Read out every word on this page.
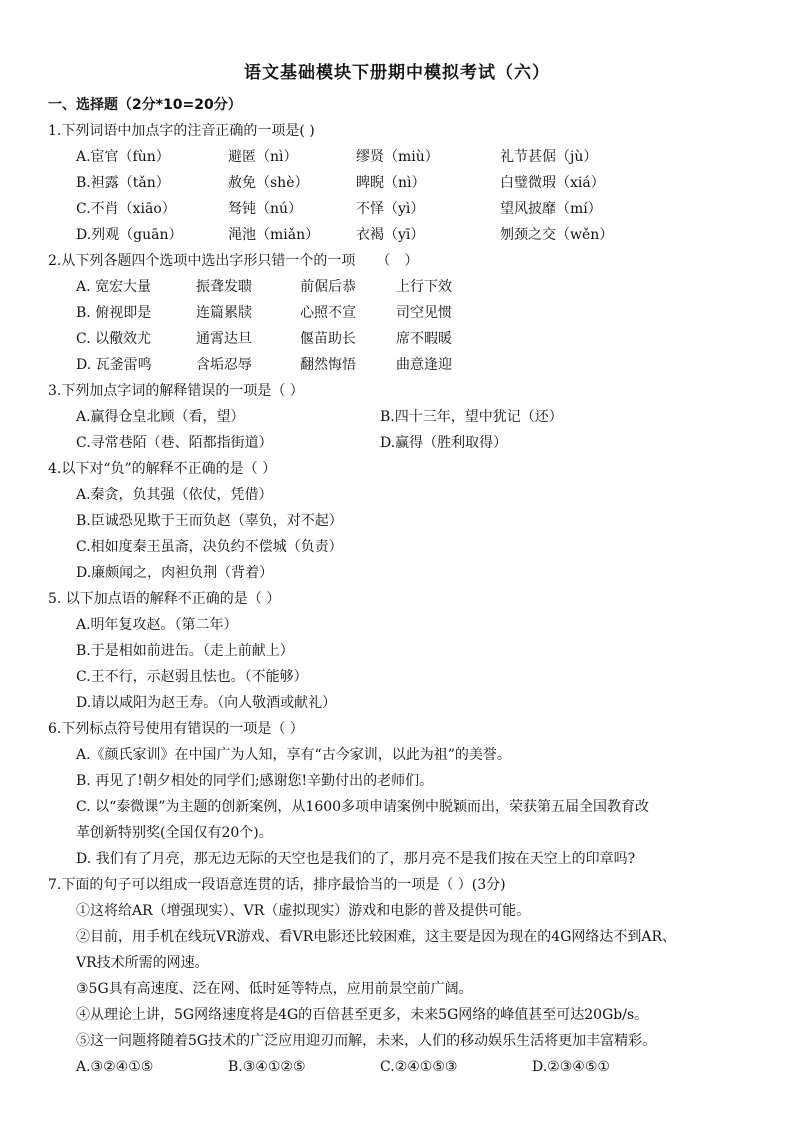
语文基础模块下册期中模拟考试（六）
一、选择题（2分*10=20分）
1.下列词语中加点字的注音正确的一项是( )
A.宦官（fùn）	避匿（nì）	缪贤（miù）	礼节甚倨（jù）
B.袒露（tǎn）	赦免（shè）	睥睨（nì）	白璧微瑕（xiá）
C.不肖（xiāo）	驽钝（nú）	不怿（yì）	望风披靡（mí）
D.列观（guān）	渑池（miǎn）	衣褐（yī）	刎颈之交（wěn）
2.从下列各题四个选项中选出字形只错一个的一项　　（　）
A. 宽宏大量	振聋发聩	前倨后恭	上行下效
B. 俯视即是	连篇累牍	心照不宣	司空见惯
C. 以儆效尤	通霄达旦	偃苗助长	席不暇暖
D. 瓦釜雷鸣	含垢忍辱	翻然悔悟	曲意逢迎
3.下列加点字词的解释错误的一项是（ ）
A.赢得仓皇北顾（看，望）	B.四十三年，望中犹记（还）
C.寻常巷陌（巷、陌都指街道）	D.赢得（胜利取得）
4.以下对“负”的解释不正确的是（ ）
A.秦贪，负其强（依仗，凭借）
B.臣诚恐见欺于王而负赵（辜负，对不起）
C.相如度秦王虽斋，决负约不偿城（负责）
D.廉颇闻之，肉袒负荆（背着）
5. 以下加点语的解释不正确的是（ ）
A.明年复攻赵。（第二年）
B.于是相如前进缶。（走上前献上）
C.王不行，示赵弱且怯也。（不能够）
D.请以咸阳为赵王寿。（向人敬酒或献礼）
6.下列标点符号使用有错误的一项是（ ）
A.《颜氏家训》在中国广为人知，享有“古今家训，以此为祖”的美誉。
B. 再见了!朝夕相处的同学们;感谢您!辛勤付出的老师们。
C. 以“泰微课”为主题的创新案例，从1600多项申请案例中脱颖而出，荣获第五届全国教育改
革创新特别奖(全国仅有20个)。
D. 我们有了月亮，那无边无际的天空也是我们的了，那月亮不是我们按在天空上的印章吗?
7.下面的句子可以组成一段语意连贯的话，排序最恰当的一项是（ ）(3分)
①这将给AR（增强现实）、VR（虚拟现实）游戏和电影的普及提供可能。
②目前，用手机在线玩VR游戏、看VR电影还比较困难，这主要是因为现在的4G网络达不到AR、
VR技术所需的网速。
③5G具有高速度、泛在网、低时延等特点，应用前景空前广阔。
④从理论上讲，5G网络速度将是4G的百倍甚至更多，未来5G网络的峰值甚至可达20Gb/s。
⑤这一问题将随着5G技术的广泛应用迎刃而解，未来，人们的移动娱乐生活将更加丰富精彩。
A.③②④①⑤	B.③④①②⑤	C.②④①⑤③	D.②③④⑤①
